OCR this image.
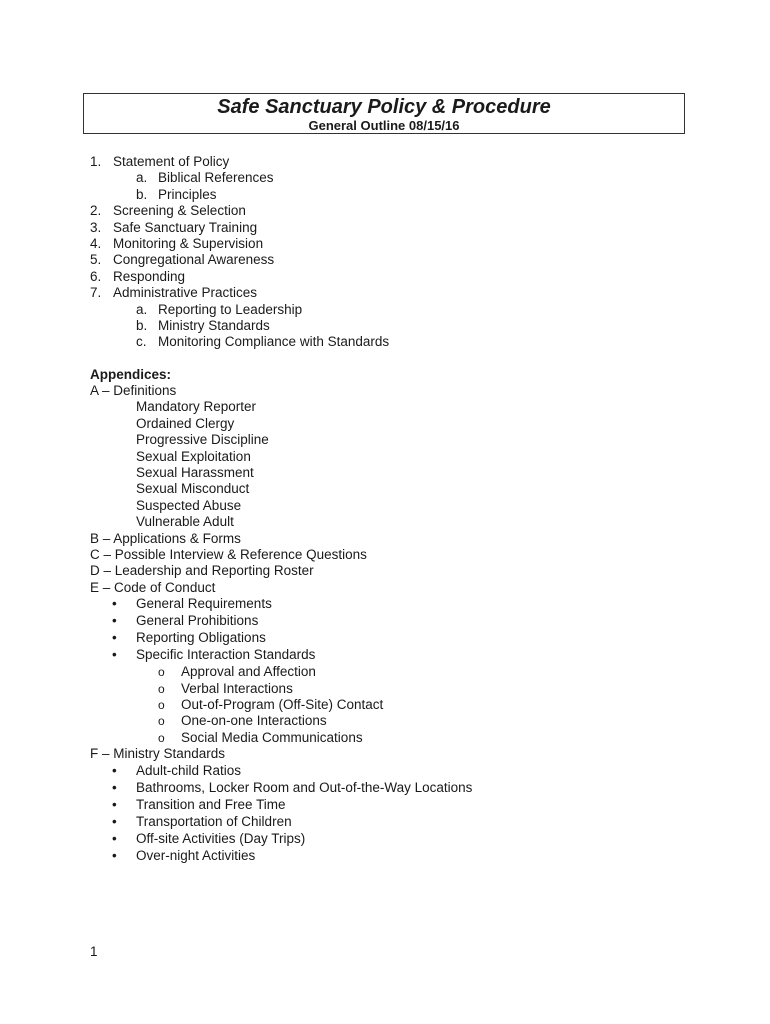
Safe Sanctuary Policy & Procedure
General Outline 08/15/16
1. Statement of Policy
a. Biblical References
b. Principles
2. Screening & Selection
3. Safe Sanctuary Training
4. Monitoring & Supervision
5. Congregational Awareness
6. Responding
7. Administrative Practices
a. Reporting to Leadership
b. Ministry Standards
c. Monitoring Compliance with Standards
Appendices:
A – Definitions
Mandatory Reporter
Ordained Clergy
Progressive Discipline
Sexual Exploitation
Sexual Harassment
Sexual Misconduct
Suspected Abuse
Vulnerable Adult
B – Applications & Forms
C – Possible Interview & Reference Questions
D – Leadership and Reporting Roster
E – Code of Conduct
• General Requirements
• General Prohibitions
• Reporting Obligations
• Specific Interaction Standards
o Approval and Affection
o Verbal Interactions
o Out-of-Program (Off-Site) Contact
o One-on-one Interactions
o Social Media Communications
F – Ministry Standards
• Adult-child Ratios
• Bathrooms, Locker Room and Out-of-the-Way Locations
• Transition and Free Time
• Transportation of Children
• Off-site Activities (Day Trips)
• Over-night Activities
1
